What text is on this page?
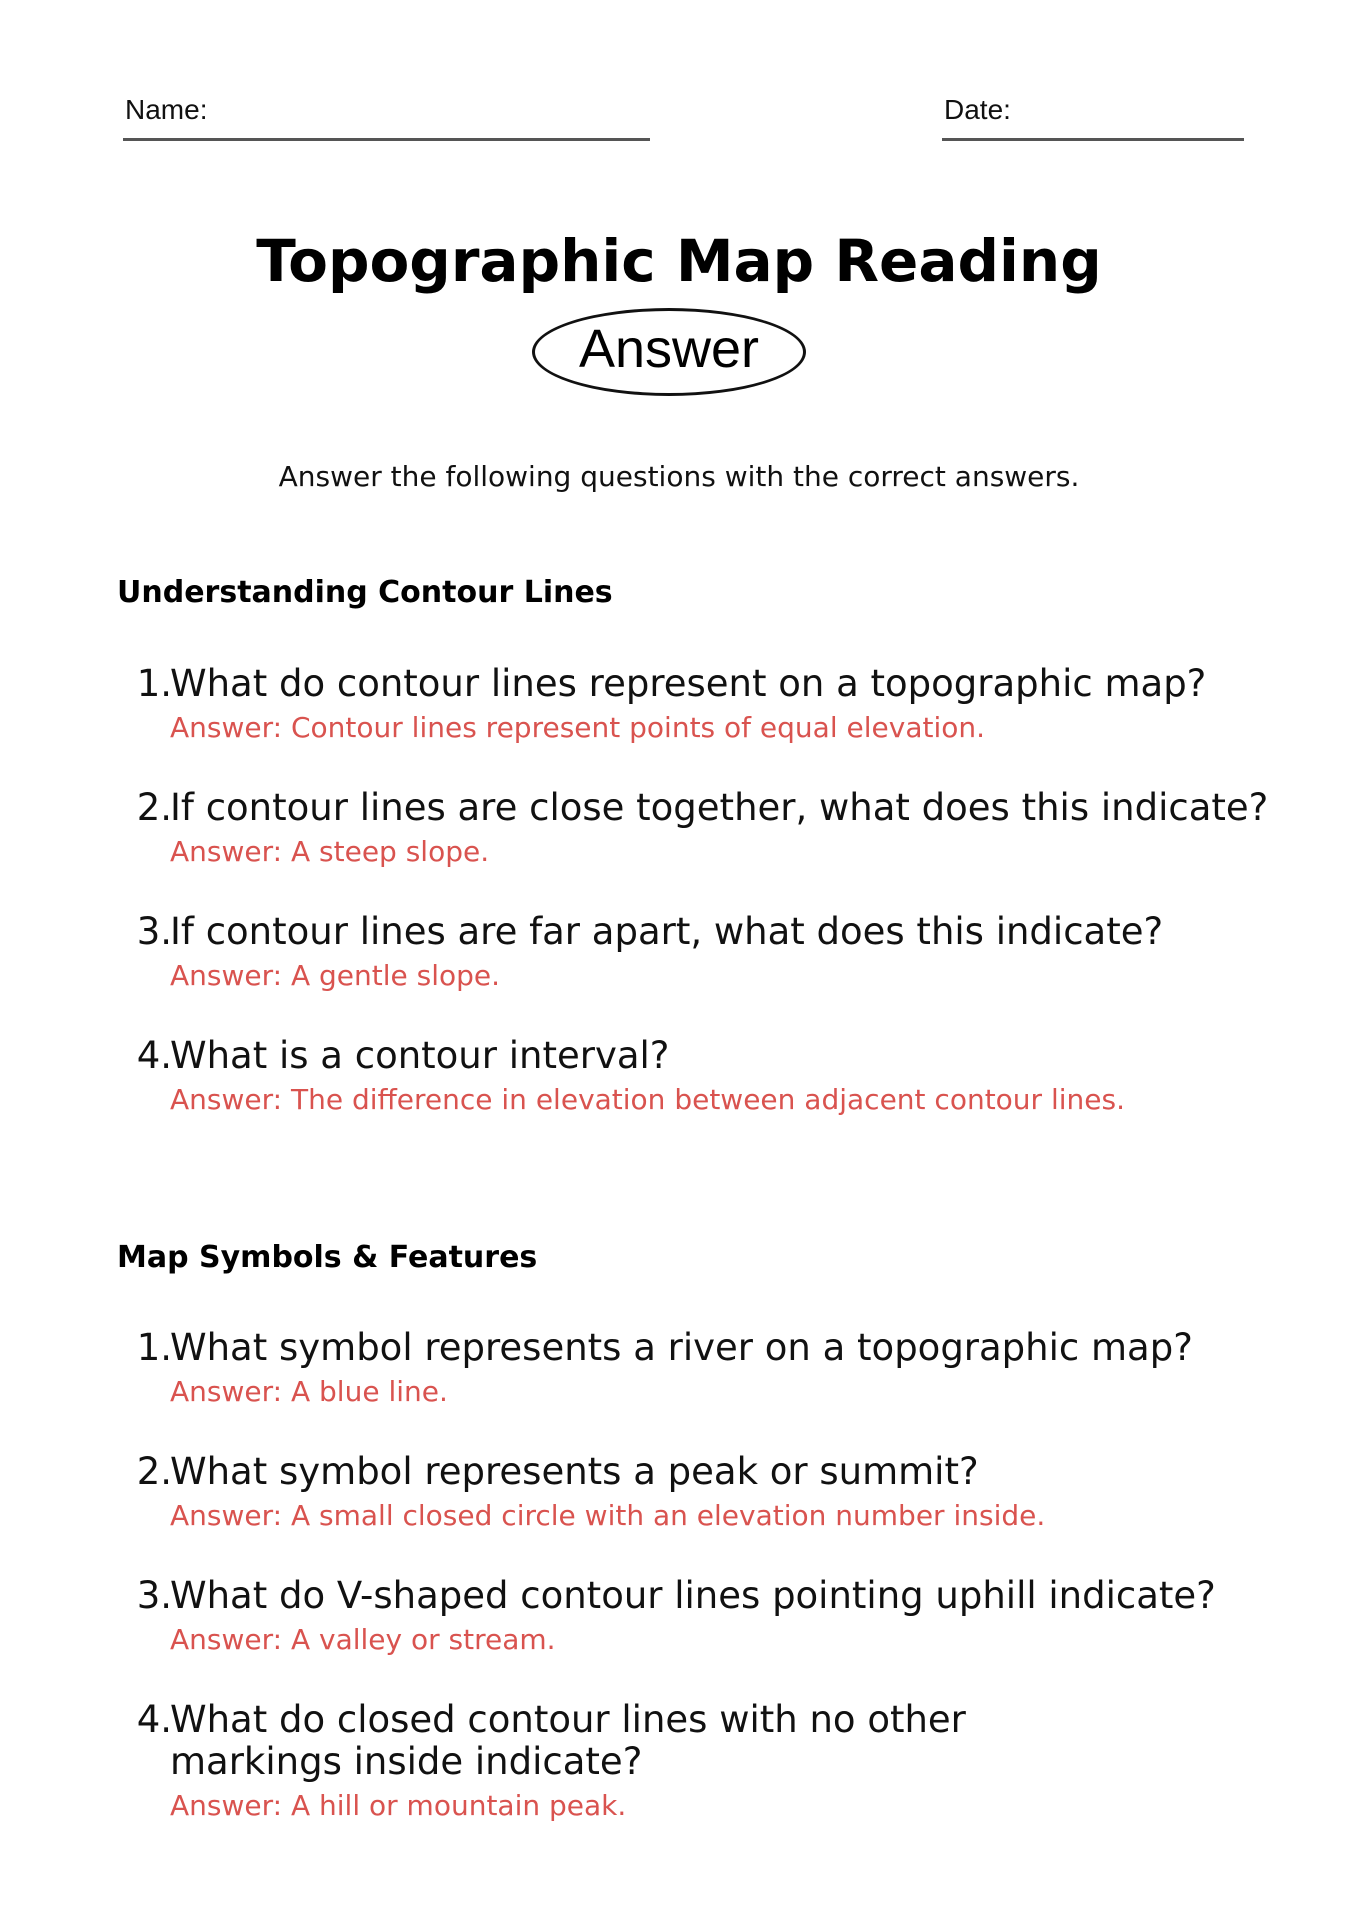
Name:	Date:
Topographic Map Reading
Answer
Answer the following questions with the correct answers.
Understanding Contour Lines
1.
What do contour lines represent on a topographic map?
Answer: Contour lines represent points of equal elevation.
2.
If contour lines are close together, what does this indicate?
Answer: A steep slope.
3.
If contour lines are far apart, what does this indicate?
Answer: A gentle slope.
4.
What is a contour interval?
Answer: The difference in elevation between adjacent contour lines.
Map Symbols & Features
1.
What symbol represents a river on a topographic map?
Answer: A blue line.
2.
What symbol represents a peak or summit?
Answer: A small closed circle with an elevation number inside.
3.
What do V-shaped contour lines pointing uphill indicate?
Answer: A valley or stream.
4.
What do closed contour lines with no other markings inside indicate?
Answer: A hill or mountain peak.
